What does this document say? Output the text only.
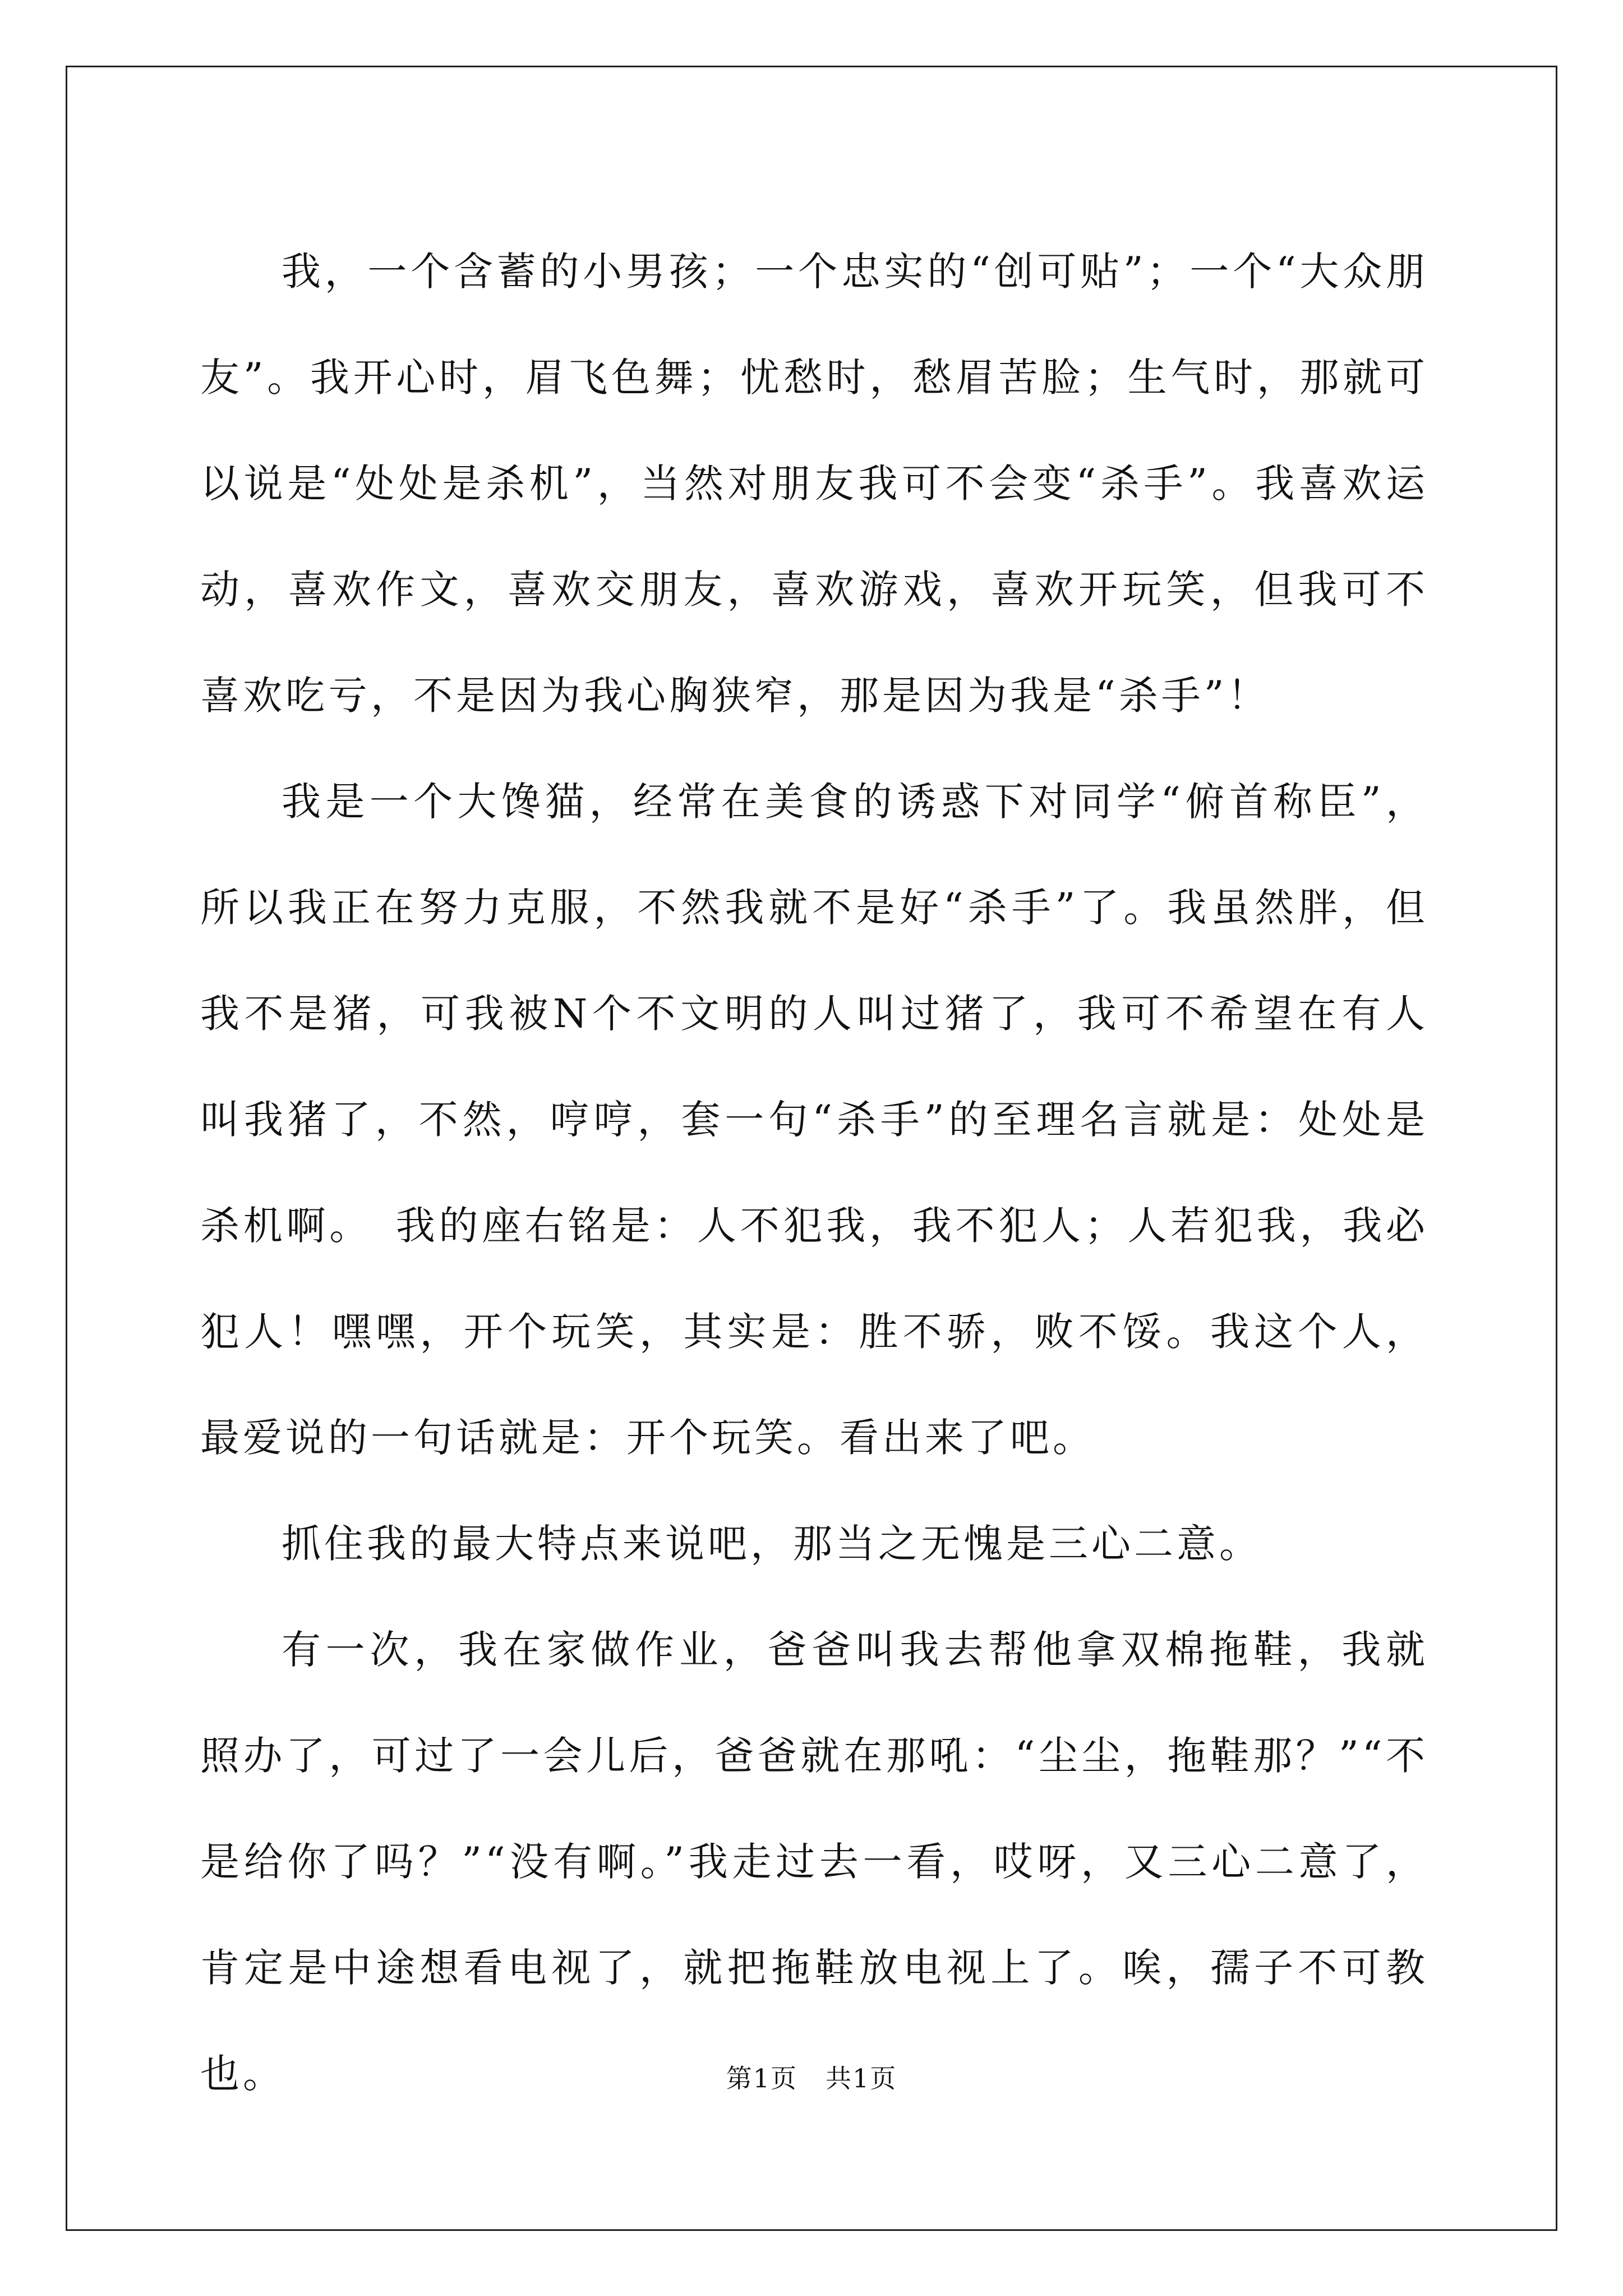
我，一个含蓄的小男孩；一个忠实的“创可贴”；一个“大众朋友”。我开心时，眉飞色舞；忧愁时，愁眉苦脸；生气时，那就可以说是“处处是杀机”，当然对朋友我可不会变“杀手”。我喜欢运动，喜欢作文，喜欢交朋友，喜欢游戏，喜欢开玩笑，但我可不喜欢吃亏，不是因为我心胸狭窄，那是因为我是“杀手”！

我是一个大馋猫，经常在美食的诱惑下对同学“俯首称臣”，所以我正在努力克服，不然我就不是好“杀手”了。我虽然胖，但我不是猪，可我被N个不文明的人叫过猪了，我可不希望在有人叫我猪了，不然，哼哼，套一句“杀手”的至理名言就是：处处是杀机啊。　我的座右铭是：人不犯我，我不犯人；人若犯我，我必犯人！嘿嘿，开个玩笑，其实是：胜不骄，败不馁。我这个人，最爱说的一句话就是：开个玩笑。看出来了吧。

抓住我的最大特点来说吧，那当之无愧是三心二意。

有一次，我在家做作业，爸爸叫我去帮他拿双棉拖鞋，我就照办了，可过了一会儿后，爸爸就在那吼：“尘尘，拖鞋那？”“不是给你了吗？”“没有啊。”我走过去一看，哎呀，又三心二意了，肯定是中途想看电视了，就把拖鞋放电视上了。唉，孺子不可教也。	第1页 共1页
